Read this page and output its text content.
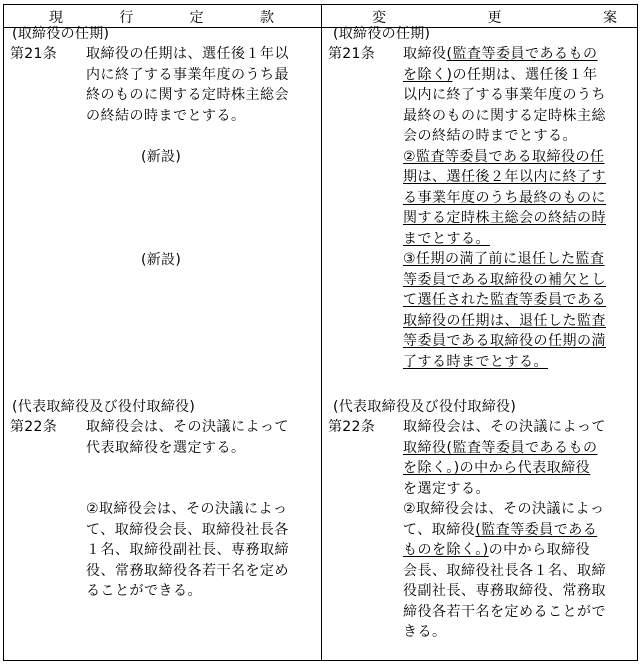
現行定款	変更案
(取締役の任期)
第21条 取締役の任期は、選任後１年以
内に終了する事業年度のうち最
終のものに関する定時株主総会
の終結の時までとする。
(新設)
(新設)
(代表取締役及び役付取締役)
第22条 取締役会は、その決議によって
代表取締役を選定する。
②取締役会は、その決議によっ
て、取締役会長、取締役社長各
１名、取締役副社長、専務取締
役、常務取締役各若干名を定め
ることができる。
(取締役の任期)
第21条 取締役(監査等委員であるもの
を除く)の任期は、選任後１年
以内に終了する事業年度のうち
最終のものに関する定時株主総
会の終結の時までとする。
②監査等委員である取締役の任
期は、選任後２年以内に終了す
る事業年度のうち最終のものに
関する定時株主総会の終結の時
までとする。
③任期の満了前に退任した監査
等委員である取締役の補欠とし
て選任された監査等委員である
取締役の任期は、退任した監査
等委員である取締役の任期の満
了する時までとする。
(代表取締役及び役付取締役)
第22条 取締役会は、その決議によって
取締役(監査等委員であるもの
を除く。)の中から代表取締役
を選定する。
②取締役会は、その決議によっ
て、取締役(監査等委員である
ものを除く。)の中から取締役
会長、取締役社長各１名、取締
役副社長、専務取締役、常務取
締役各若干名を定めることがで
きる。
